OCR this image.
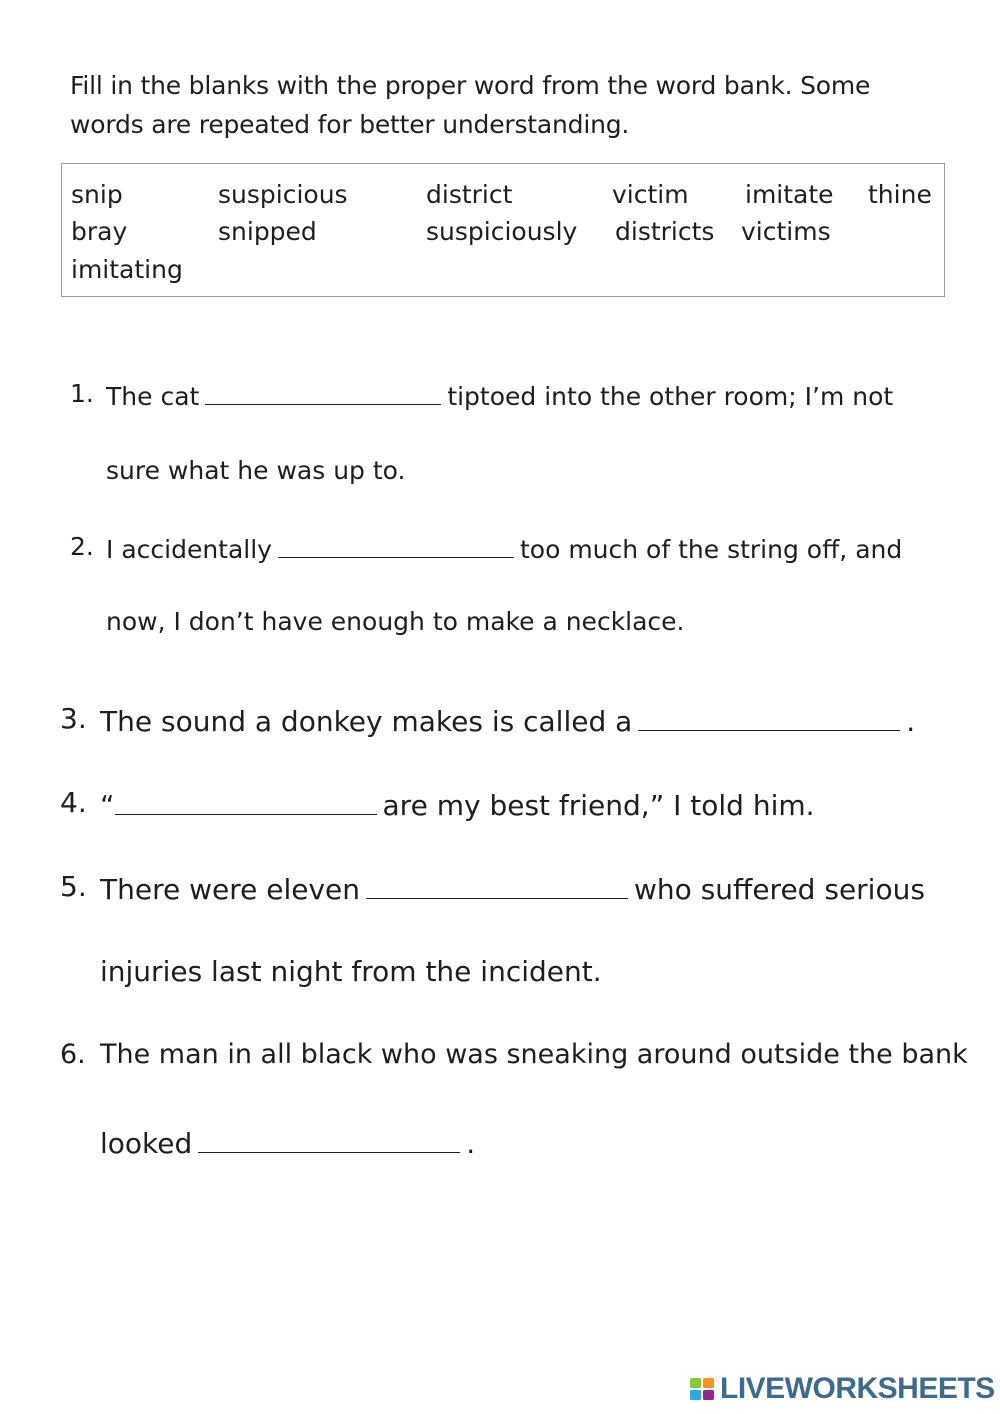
Fill in the blanks with the proper word from the word bank. Some
words are repeated for better understanding.
snip	suspicious	district	victim imitate thine
bray	snipped	suspiciously districts victims
imitating
1. The cat	tiptoed into the other room; I’m not
sure what he was up to.
2. I accidentally	too much of the string off, and
now, I don’t have enough to make a necklace.
3. The sound a donkey makes is called a	.
4. “	are my best friend,” I told him.
5. There were eleven	who suffered serious
injuries last night from the incident.
6. The man in all black who was sneaking around outside the bank
looked	.
LIVEWORKSHEETS
